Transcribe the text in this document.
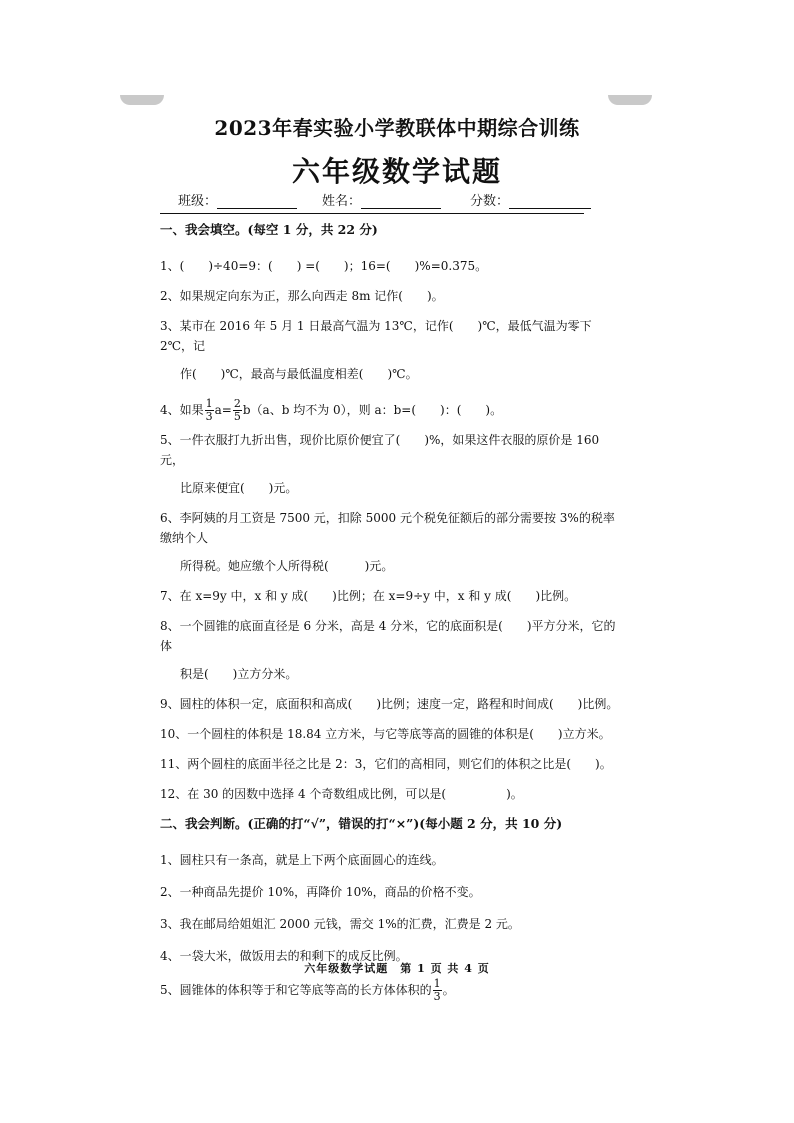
2023年春实验小学教联体中期综合训练
六年级数学试题
班级：	姓名：	分数：
一、我会填空。(每空 1 分，共 22 分)
1、(　　)÷40=9：(　　) =(　　)；16=(　　)%=0.375。
2、如果规定向东为正，那么向西走 8m 记作(　　)。
3、某市在 2016 年 5 月 1 日最高气温为 13℃，记作(　　)℃，最低气温为零下 2℃，记
作(　　)℃，最高与最低温度相差(　　)℃。
4、如果 $\frac{1}{3} a= \frac{2}{5} b(a$、b 均不为 0），则 a：b=(　　)：(　　)。
5、一件衣服打九折出售，现价比原价便宜了(　　)%，如果这件衣服的原价是 160 元，
比原来便宜(　　)元。
6、李阿姨的月工资是 7500 元，扣除 5000 元个税免征额后的部分需要按 3%的税率缴纳个人
所得税。她应缴个人所得税(　　　)元。
7、在 x=9y 中，x 和 y 成(　　)比例；在 x=9÷y 中，x 和 y 成(　　)比例。
8、一个圆锥的底面直径是 6 分米，高是 4 分米，它的底面积是(　　)平方分米，它的体
积是(　　)立方分米。
9、圆柱的体积一定，底面积和高成(　　)比例；速度一定，路程和时间成(　　)比例。
10、一个圆柱的体积是 18.84 立方米，与它等底等高的圆锥的体积是(　　)立方米。
11、两个圆柱的底面半径之比是 2：3，它们的高相同，则它们的体积之比是(　　)。
12、在 30 的因数中选择 4 个奇数组成比例，可以是(　　　　　)。
二、我会判断。(正确的打“√”，错误的打“×”)(每小题 2 分，共 10 分)
1、圆柱只有一条高，就是上下两个底面圆心的连线。
2、一种商品先提价 10%，再降价 10%，商品的价格不变。
3、我在邮局给姐姐汇 2000 元钱，需交 1%的汇费，汇费是 2 元。
4、一袋大米，做饭用去的和剩下的成反比例。
5、圆锥体的体积等于和它等底等高的长方体体积的 $\frac{1}{3}$ 。
六年级数学试题　第 1 页 共 4 页
